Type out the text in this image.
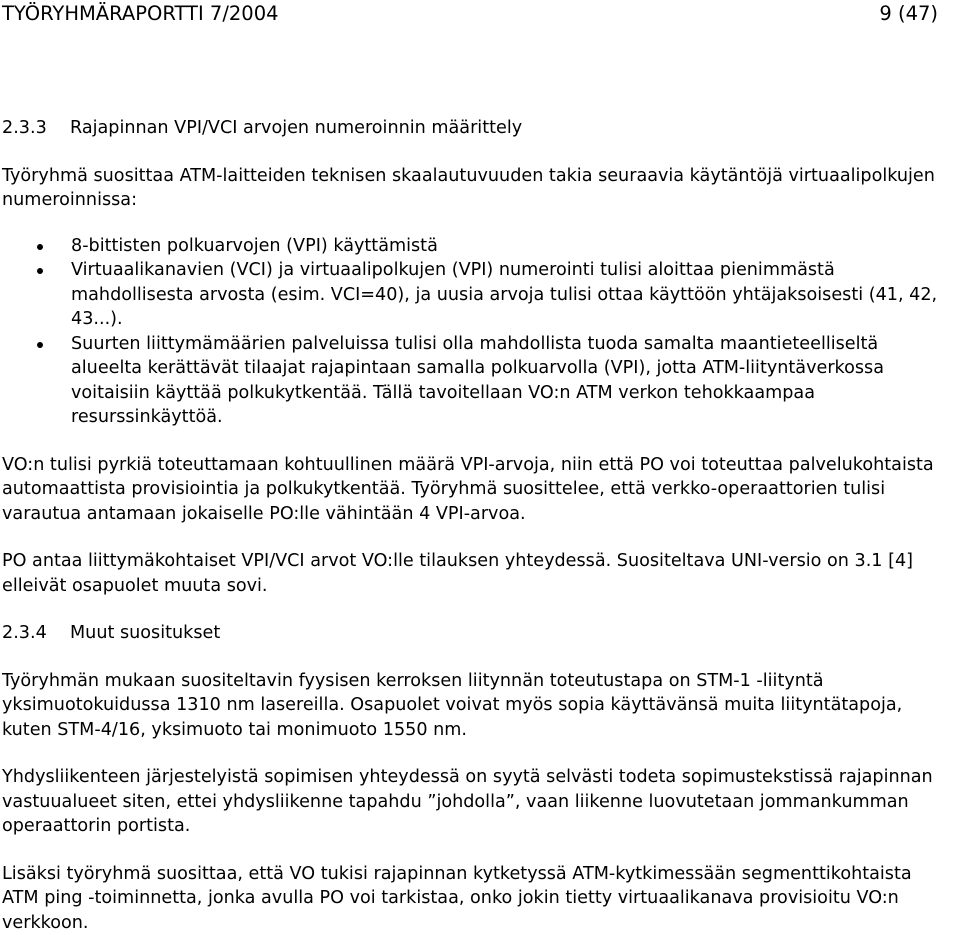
TYÖRYHMÄRAPORTTI 7/2004	9 (47)
2.3.3	Rajapinnan VPI/VCI arvojen numeroinnin määrittely

Työryhmä suosittaa ATM-laitteiden teknisen skaalautuvuuden takia seuraavia käytäntöjä virtuaalipolkujen numeroinnissa:

8-bittisten polkuarvojen (VPI) käyttämistä
Virtuaalikanavien (VCI) ja virtuaalipolkujen (VPI) numerointi tulisi aloittaa pienimmästä mahdollisesta arvosta (esim. VCI=40), ja uusia arvoja tulisi ottaa käyttöön yhtäjaksoisesti (41, 42, 43...).
Suurten liittymämäärien palveluissa tulisi olla mahdollista tuoda samalta maantieteelliseltä alueelta kerättävät tilaajat rajapintaan samalla polkuarvolla (VPI), jotta ATM-liityntäverkossa voitaisiin käyttää polkukytkentää. Tällä tavoitellaan VO:n ATM verkon tehokkaampaa resurssinkäyttöä.

VO:n tulisi pyrkiä toteuttamaan kohtuullinen määrä VPI-arvoja, niin että PO voi toteuttaa palvelukohtaista automaattista provisiointia ja polkukytkentää. Työryhmä suosittelee, että verkko-operaattorien tulisi varautua antamaan jokaiselle PO:lle vähintään 4 VPI-arvoa.

PO antaa liittymäkohtaiset VPI/VCI arvot VO:lle tilauksen yhteydessä. Suositeltava UNI-versio on 3.1 [4] elleivät osapuolet muuta sovi.

2.3.4	Muut suositukset

Työryhmän mukaan suositeltavin fyysisen kerroksen liitynnän toteutustapa on STM-1 -liityntä yksimuotokuidussa 1310 nm lasereilla. Osapuolet voivat myös sopia käyttävänsä muita liityntätapoja, kuten STM-4/16, yksimuoto tai monimuoto 1550 nm.

Yhdysliikenteen järjestelyistä sopimisen yhteydessä on syytä selvästi todeta sopimustekstissä rajapinnan vastuualueet siten, ettei yhdysliikenne tapahdu ”johdolla”, vaan liikenne luovutetaan jommankumman operaattorin portista.

Lisäksi työryhmä suosittaa, että VO tukisi rajapinnan kytketyssä ATM-kytkimessään segmenttikohtaista ATM ping -toiminnetta, jonka avulla PO voi tarkistaa, onko jokin tietty virtuaalikanava provisioitu VO:n verkkoon.
